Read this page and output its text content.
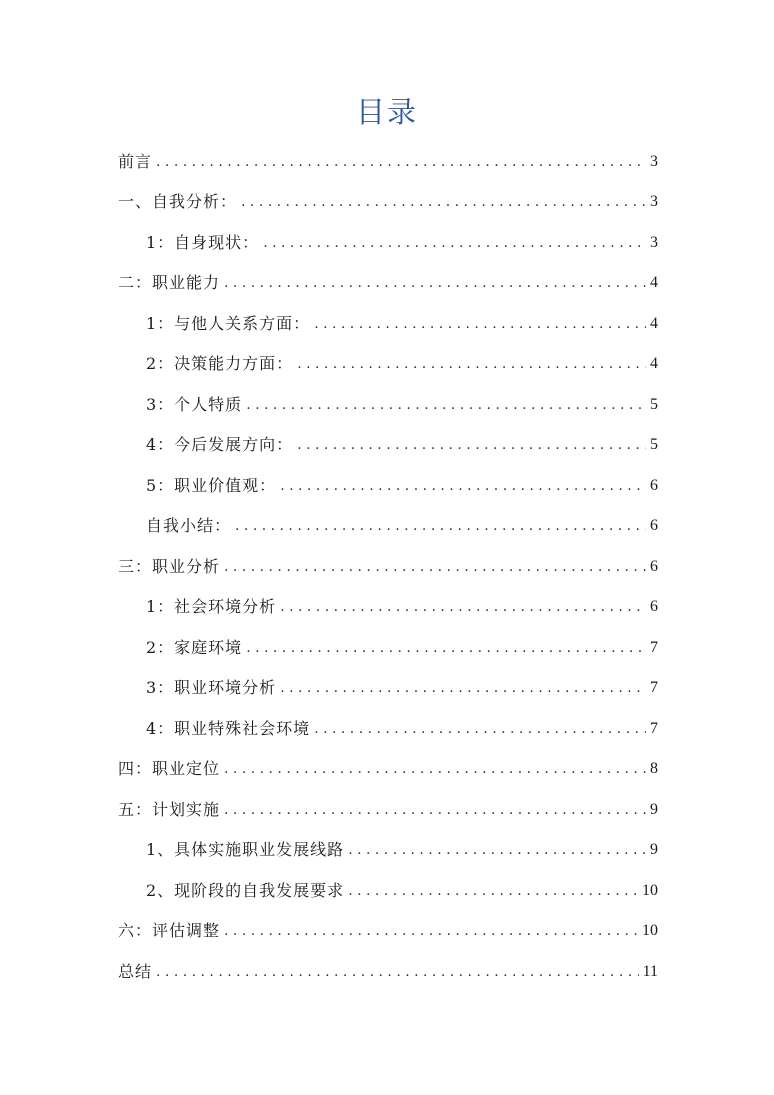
目录
前言 . . .	3
一、自我分析： . . .	3
1：自身现状： . . .	3
二：职业能力 . . .	4
1：与他人关系方面： . . .	4
2：决策能力方面： . . .	4
3：个人特质 . . .	5
4：今后发展方向： . . .	5
5：职业价值观： . . .	6
自我小结： . . .	6
三：职业分析 . . .	6
1：社会环境分析 . . .	6
2：家庭环境 . . .	7
3：职业环境分析 . . .	7
4：职业特殊社会环境 . . .	7
四：职业定位 . . .	8
五：计划实施 . . .	9
1、具体实施职业发展线路 . . .	9
2、现阶段的自我发展要求 . . .	10
六：评估调整 . . .	10
总结 . . .	11
